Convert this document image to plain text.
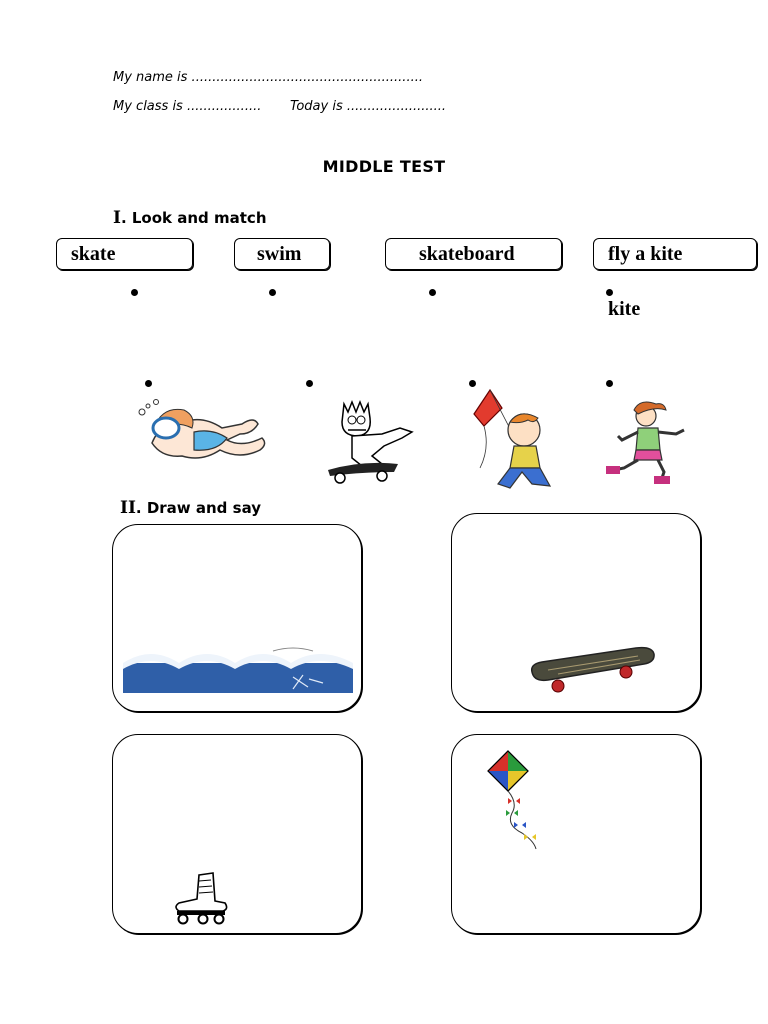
My name is ........................................................
My class is .................. Today is ........................
MIDDLE TEST
I. Look and match
skate	swim	skateboard	fly a kite
kite
II. Draw and say
